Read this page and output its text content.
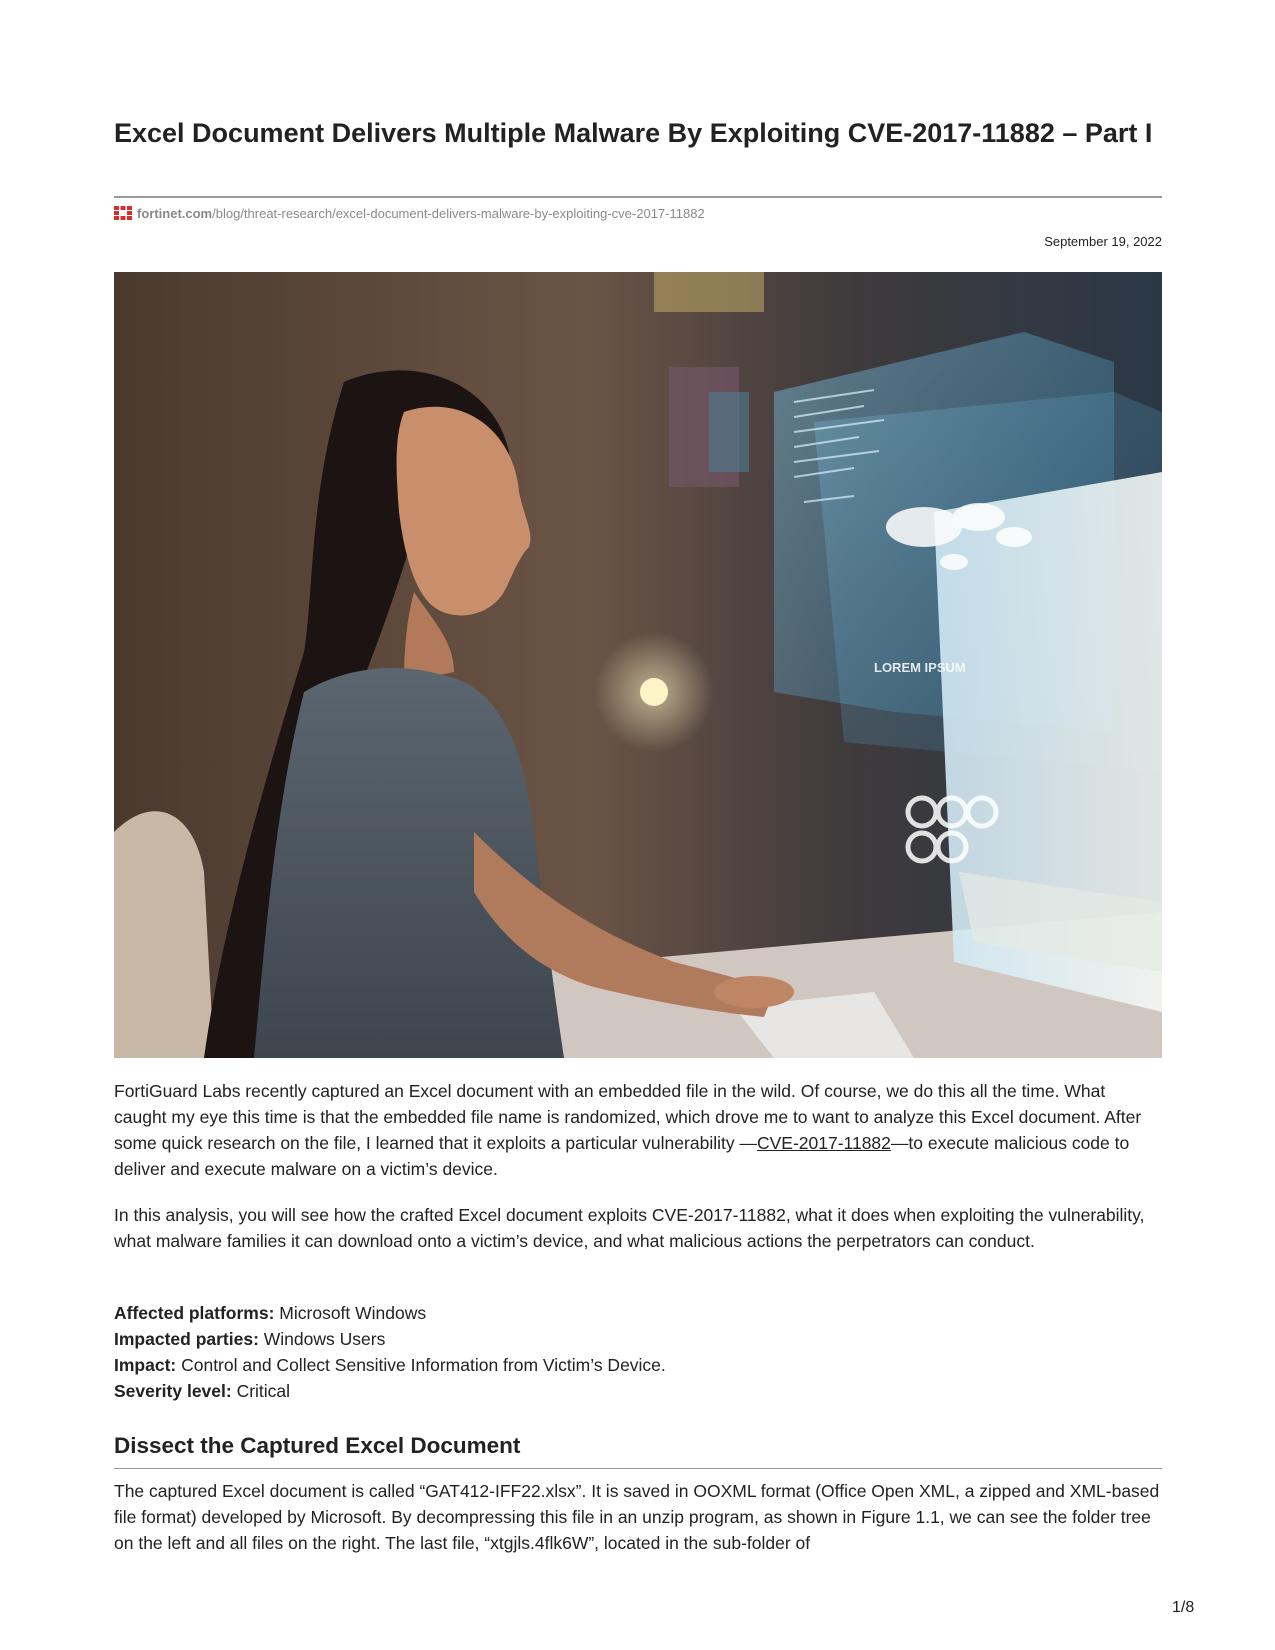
Excel Document Delivers Multiple Malware By Exploiting CVE-2017-11882 – Part I
fortinet.com /blog/threat-research/excel-document-delivers-malware-by-exploiting-cve-2017-11882
September 19, 2022
LOREM IPSUM

FortiGuard Labs recently captured an Excel document with an embedded file in the wild. Of course, we do this all the time. What caught my eye this time is that the embedded file name is randomized, which drove me to want to analyze this Excel document. After some quick research on the file, I learned that it exploits a particular vulnerability —CVE-2017-11882—to execute malicious code to deliver and execute malware on a victim’s device.

In this analysis, you will see how the crafted Excel document exploits CVE-2017-11882, what it does when exploiting the vulnerability, what malware families it can download onto a victim’s device, and what malicious actions the perpetrators can conduct.

Affected platforms: Microsoft Windows
Impacted parties: Windows Users
Impact: Control and Collect Sensitive Information from Victim’s Device.
Severity level: Critical
Dissect the Captured Excel Document

The captured Excel document is called “GAT412-IFF22.xlsx”. It is saved in OOXML format (Office Open XML, a zipped and XML-based file format) developed by Microsoft. By decompressing this file in an unzip program, as shown in Figure 1.1, we can see the folder tree on the left and all files on the right. The last file, “xtgjls.4flk6W”, located in the sub-folder of

1/8
